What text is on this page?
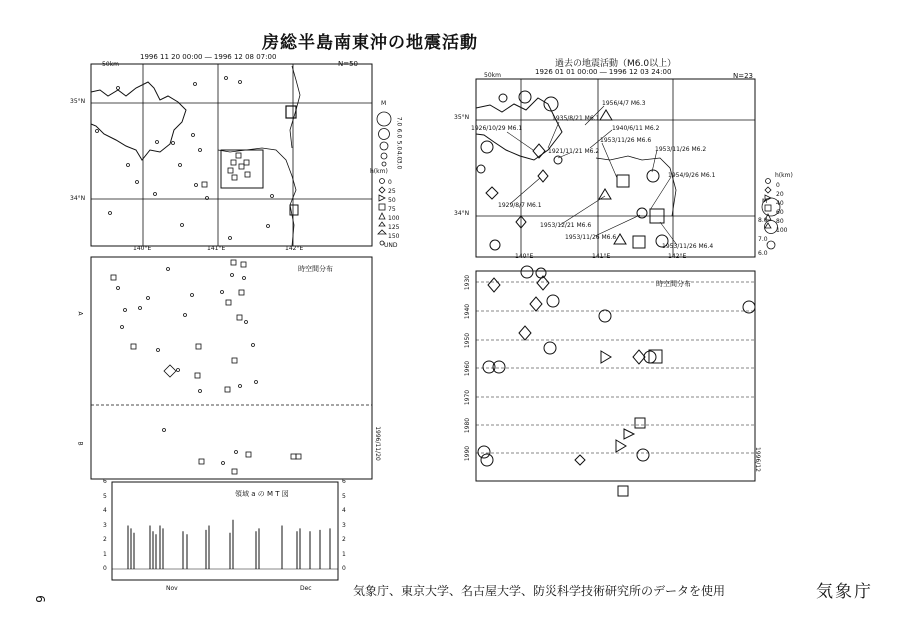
房総半島南東沖の地震活動
気象庁、東京大学、名古屋大学、防災科学技術研究所のデータを使用	気象庁
6
1996 11 20 00:00 ― 1996 12 08 07:00
N=50
50km
35°N
34°N
140°E	141°E	142°E
M
7.0
6.0
5.0
4.0
3.0
h(km)
0
25
50
75
100
125
150
UND
時空間分布
A
B	1996/11/20
領域 a の M T 図
Nov	Dec
6	6
5	5
4	4
3	3
2	2
1	1
0	0
過去の地震活動（M6.0以上）
1926 01 01 00:00 ― 1996 12 03 24:00	N=23
50km
35°N
34°N
140°E	141°E	142°E
1956/4/7 M6.3
1935/8/21 M6.1
1926/10/29 M6.1	1940/6/11 M6.2
1921/11/21 M6.2
1953/11/26 M6.6
1953/11/26 M6.2
1954/9/26 M6.1
1929/8/7 M6.1
1953/12/21 M6.6
1953/11/26 M6.6
1953/11/26 M6.4
h(km)
0
20
40
60
80
100
M
8.0
7.0
6.0
時空間分布
1930
1940
1950
1960
1970
1980
1990	1996/12
